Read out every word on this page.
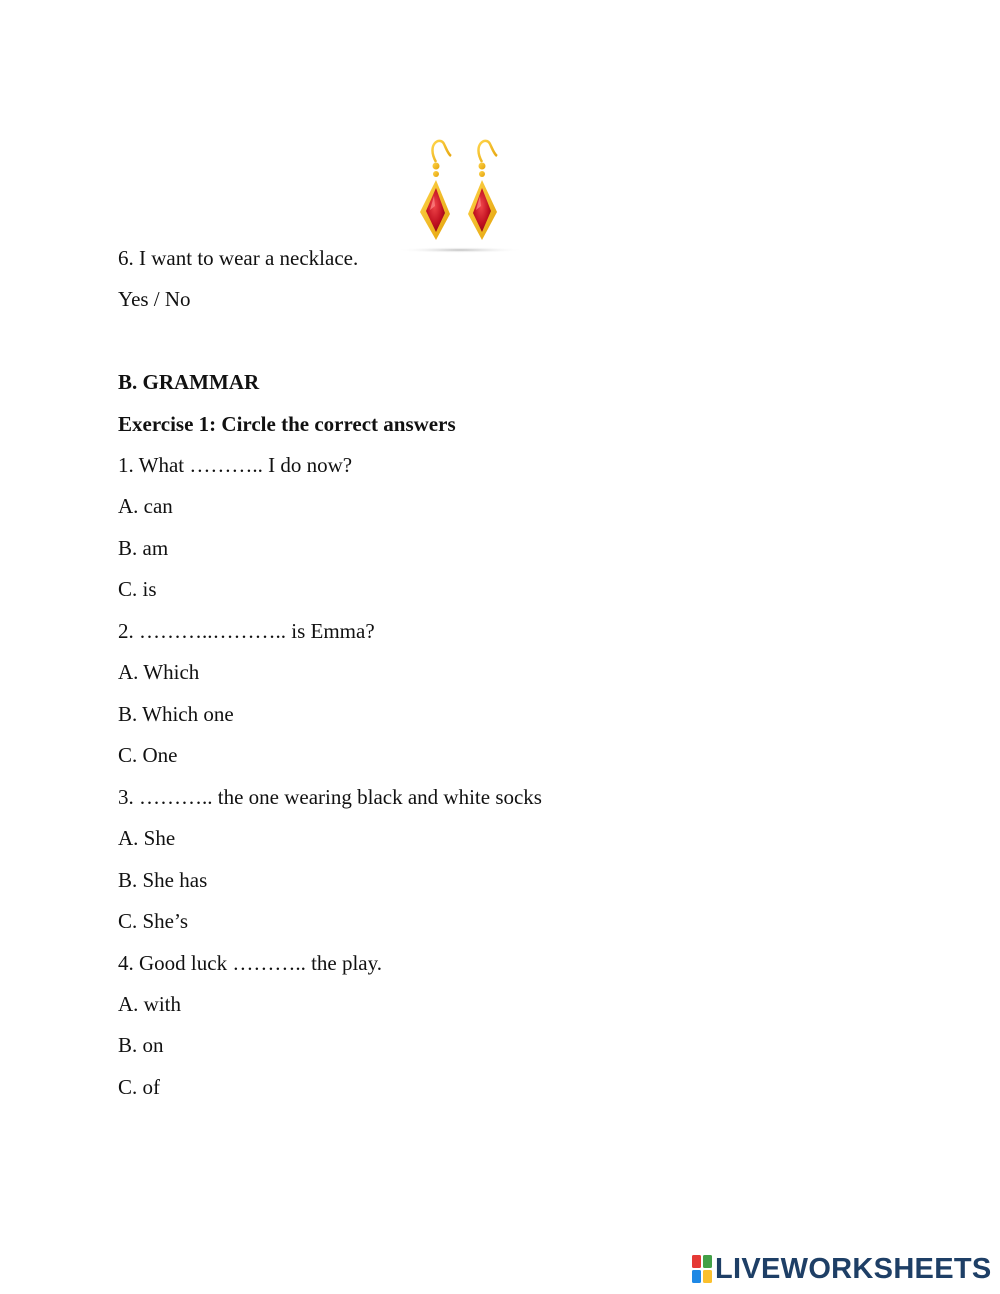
6. I want to wear a necklace.
Yes / No
B. GRAMMAR
Exercise 1: Circle the correct answers
1. What ……….. I do now?
A. can
B. am
C. is
2. ………..……….. is Emma?
A. Which
B. Which one
C. One
3. ……….. the one wearing black and white socks
A. She
B. She has
C. She’s
4. Good luck ……….. the play.
A. with
B. on
C. of
LIVEWORKSHEETS
